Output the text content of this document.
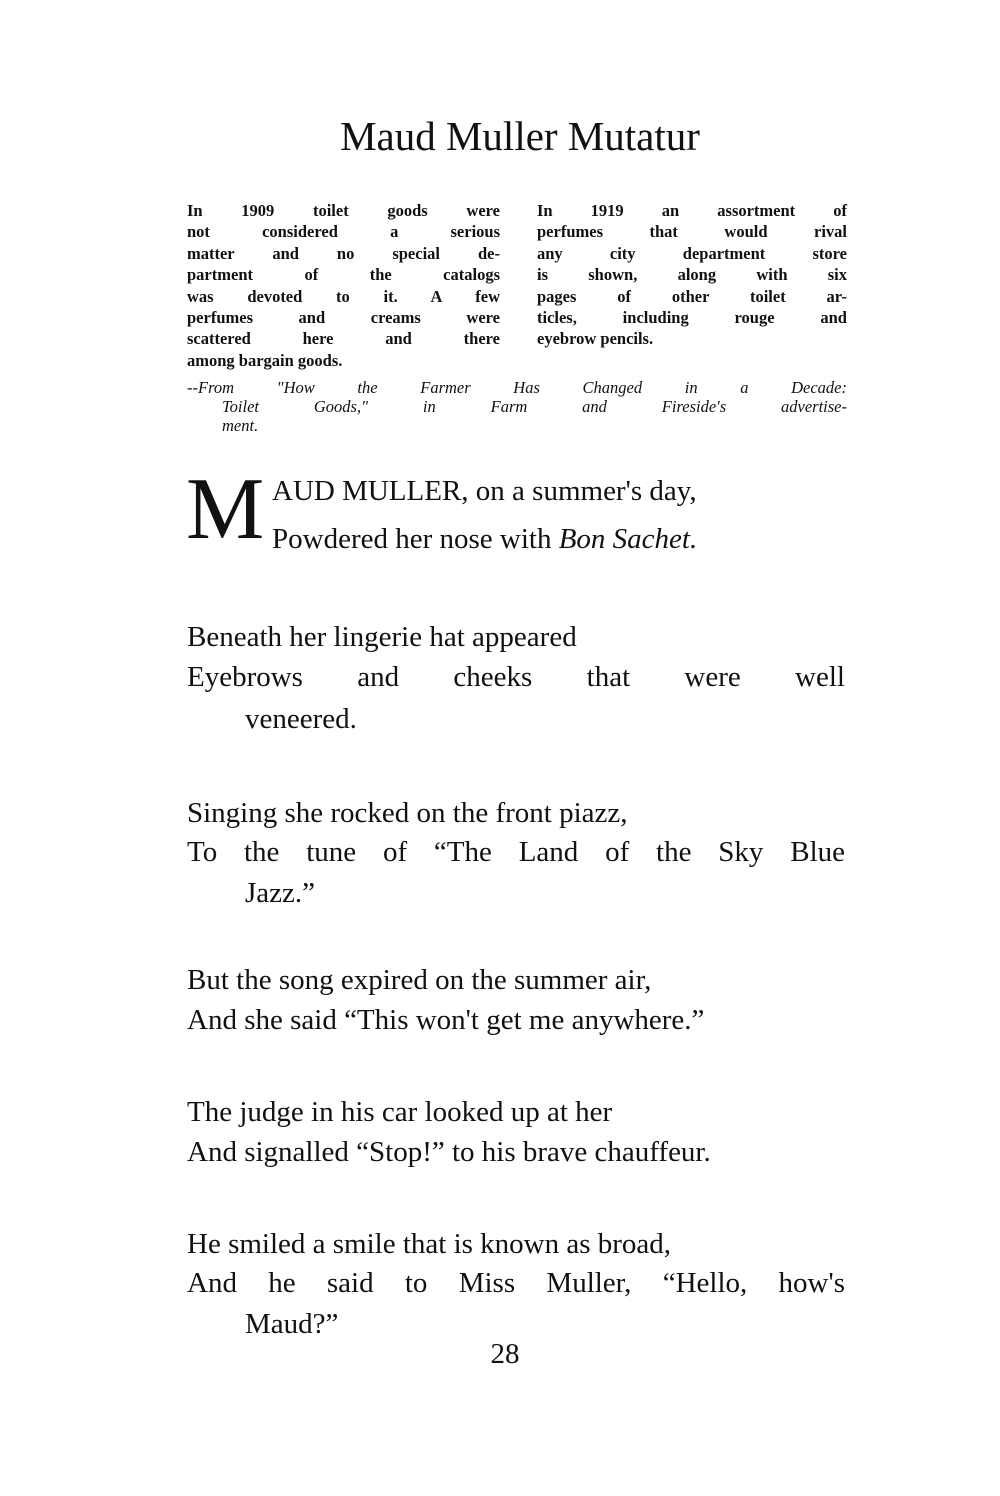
Maud Muller Mutatur
In 1909 toilet goods were
not considered a serious
matter and no special de-
partment of the catalogs
was devoted to it. A few
perfumes and creams were
scattered here and there
among bargain goods.
In 1919 an assortment of
perfumes that would rival
any city department store
is shown, along with six
pages of other toilet ar-
ticles, including rouge and
eyebrow pencils.
--From "How the Farmer Has Changed in a Decade:
Toilet Goods," in Farm and Fireside's advertise-
ment.
M AUD MULLER, on a summer's day,
Powdered her nose with Bon Sachet.
Beneath her lingerie hat appeared
Eyebrows and cheeks that were well
veneered.
Singing she rocked on the front piazz,
To the tune of “The Land of the Sky Blue
Jazz.”
But the song expired on the summer air,
And she said “This won't get me anywhere.”
The judge in his car looked up at her
And signalled “Stop!” to his brave chauffeur.
He smiled a smile that is known as broad,
And he said to Miss Muller, “Hello, how's
Maud?”
28
